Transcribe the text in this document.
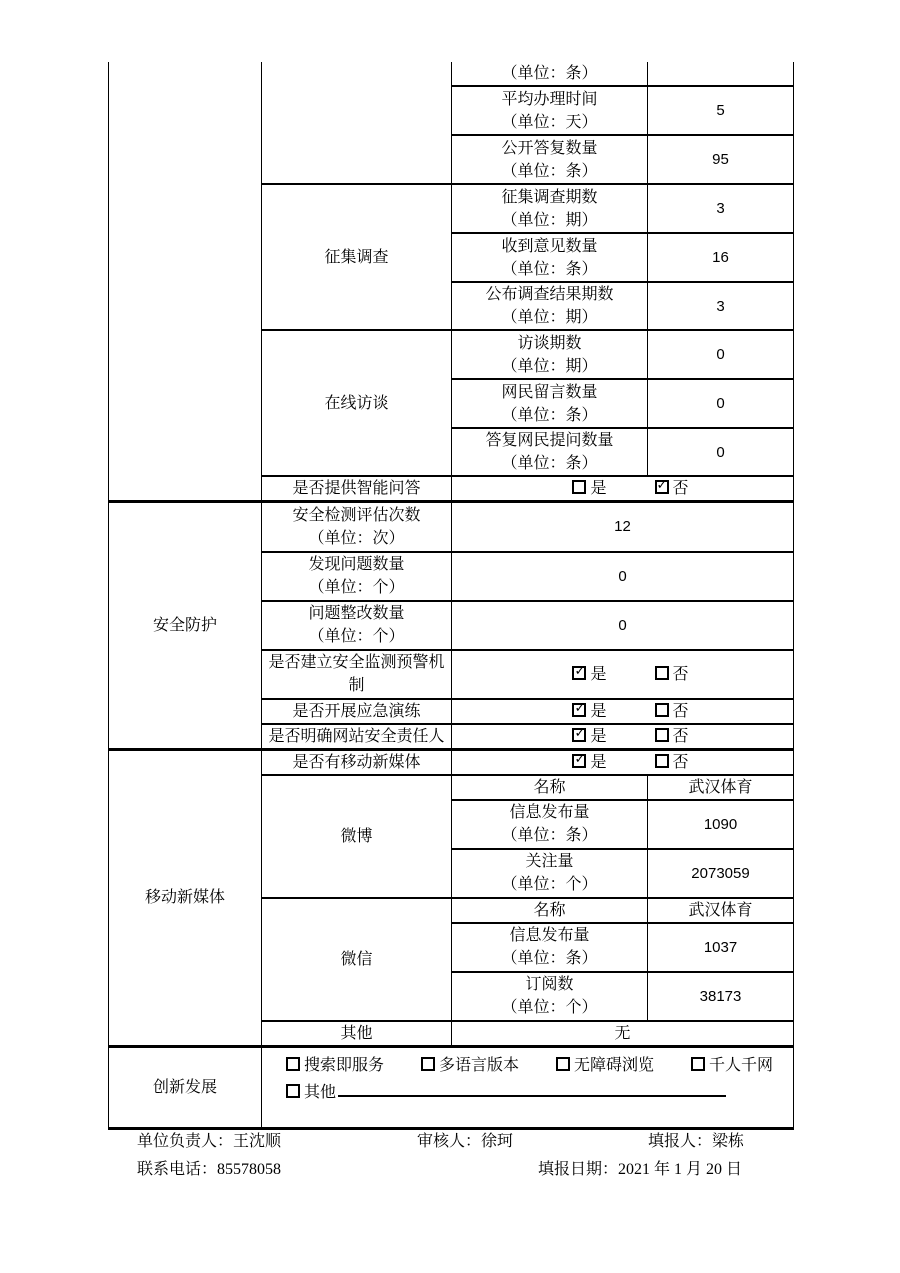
		（单位：条）	

		平均办理时间
（单位：天）	5

		公开答复数量
（单位：条）	95
	征集调查	征集调查期数
（单位：期）	3

		收到意见数量
（单位：条）	16

		公布调查结果期数
（单位：期）	3
	在线访谈	访谈期数
（单位：期）	0

		网民留言数量
（单位：条）	0

		答复网民提问数量
（单位：条）	0
	是否提供智能问答	是 ✓ 否
安全防护	安全检测评估次数
（单位：次）	12	

	发现问题数量
（单位：个）	0	

	问题整改数量
（单位：个）	0	
	是否建立安全监测预警机制	✓是 否
	是否开展应急演练	✓是 否
	是否明确网站安全责任人	✓是 否
移动新媒体	是否有移动新媒体	✓是 否
	微博	名称	武汉体育

		信息发布量
（单位：条）	1090

		关注量
（单位：个）	2073059
	微信	名称	武汉体育

		信息发布量
（单位：条）	1037

		订阅数
（单位：个）	38173
	其他	无	
创新发展	搜索即服务 多语言版本 无障碍浏览 千人千网
其他		
单位负责人：王沈顺	审核人：徐珂	填报人：梁栋
联系电话：85578058	填报日期：2021 年 1 月 20 日
